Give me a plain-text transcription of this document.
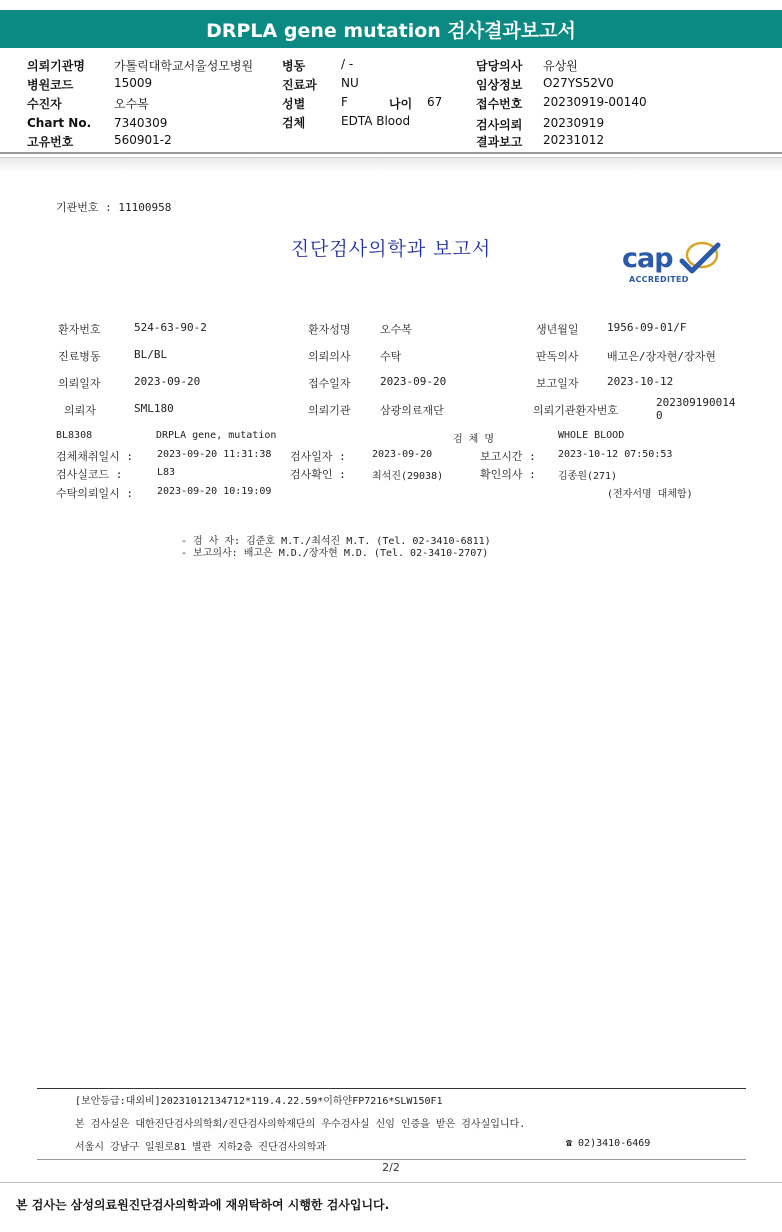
DRPLA gene mutation 검사결과보고서
의뢰기관명 가톨릭대학교서울성모병원
병원코드	15009
수진자	오수복
Chart No. 7340309
고유번호	560901-2
병동	/ -
진료과 NU
성별	F	나이 67
검체	EDTA Blood
담당의사 유상원
임상정보 O27YS52V0
접수번호 20230919-00140
검사의뢰 20230919
결과보고 20231012
기관번호 : 11100958
진단검사의학과 보고서	cap
ACCREDITED
환자번호	524-63-90-2	환자성명	오수복	생년월일	1956-09-01/F
진료병동	BL/BL	의뢰의사	수탁	판독의사	배고은/장자현/장자현
의뢰일자	2023-09-20	접수일자	2023-09-20	보고일자	2023-10-12
의뢰자	SML180	의뢰기관	삼광의료재단	의뢰기관환자번호
202309190014
0
BL8308	DRPLA gene, mutation	검 체 명	WHOLE BLOOD
검체채취일시 : 2023-09-20 11:31:38 검사일자 :	2023-09-20	보고시간 : 2023-10-12 07:50:53
검사실코드 :	L83	검사확인 :	최석진(29038)	확인의사 : 김종원(271)
수탁의뢰일시 : 2023-09-20 10:19:09	(전자서명 대체함)
- 검 사 자: 김준호 M.T./최석진 M.T. (Tel. 02-3410-6811)
- 보고의사: 배고은 M.D./장자현 M.D. (Tel. 02-3410-2707)
[보안등급:대외비]20231012134712*119.4.22.59*이하얀FP7216*SLW150F1
본 검사실은 대한진단검사의학회/진단검사의학재단의 우수검사실 신임 인증을 받은 검사실입니다.
서울시 강남구 일원로81 별관 지하2층 진단검사의학과	☎ 02)3410-6469
2/2
본 검사는 삼성의료원진단검사의학과에 재위탁하여 시행한 검사입니다.
